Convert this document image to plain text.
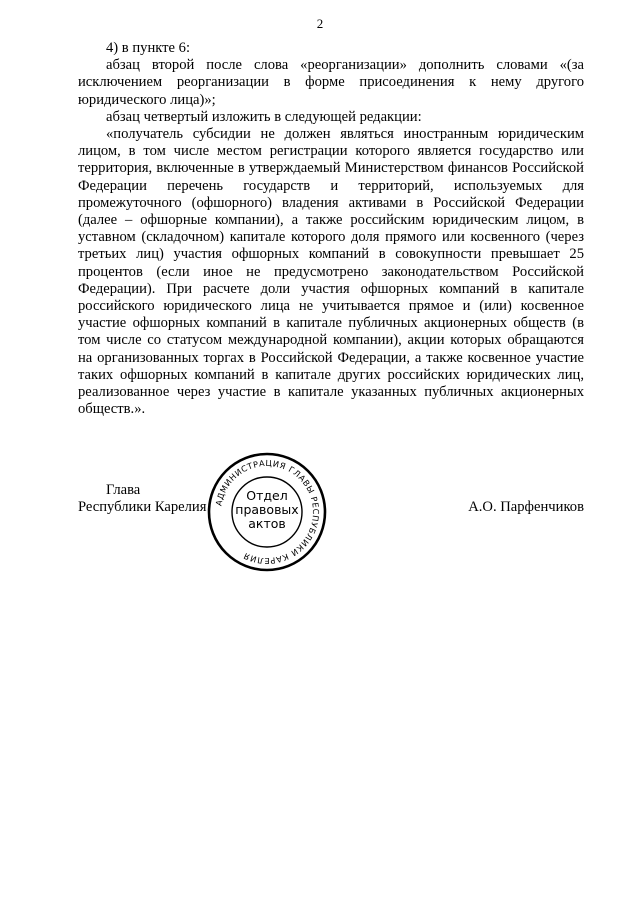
2

4) в пункте 6:

абзац второй после слова «реорганизации» дополнить словами «(за исключением реорганизации в форме присоединения к нему другого юридического лица)»;

абзац четвертый изложить в следующей редакции:

«получатель субсидии не должен являться иностранным юридическим лицом, в том числе местом регистрации которого является государство или территория, включенные в утверждаемый Министерством финансов Российской Федерации перечень государств и территорий, используемых для промежуточного (офшорного) владения активами в Российской Федерации (далее – офшорные компании), а также российским юридическим лицом, в уставном (складочном) капитале которого доля прямого или косвенного (через третьих лиц) участия офшорных компаний в совокупности превышает 25 процентов (если иное не предусмотрено законодательством Российской Федерации). При расчете доли участия офшорных компаний в капитале российского юридического лица не учитывается прямое и (или) косвенное участие офшорных компаний в капитале публичных акционерных обществ (в том числе со статусом международной компании), акции которых обращаются на организованных торгах в Российской Федерации, а также косвенное участие таких офшорных компаний в капитале других российских юридических лиц, реализованное через участие в капитале указанных публичных акционерных обществ.».

Глава
Республики Карелия	А.О. Парфенчиков
АДМИНИСТРАЦИЯ ГЛАВЫ РЕСПУБЛИКИ КАРЕЛИЯ
Отдел
правовых
актов
